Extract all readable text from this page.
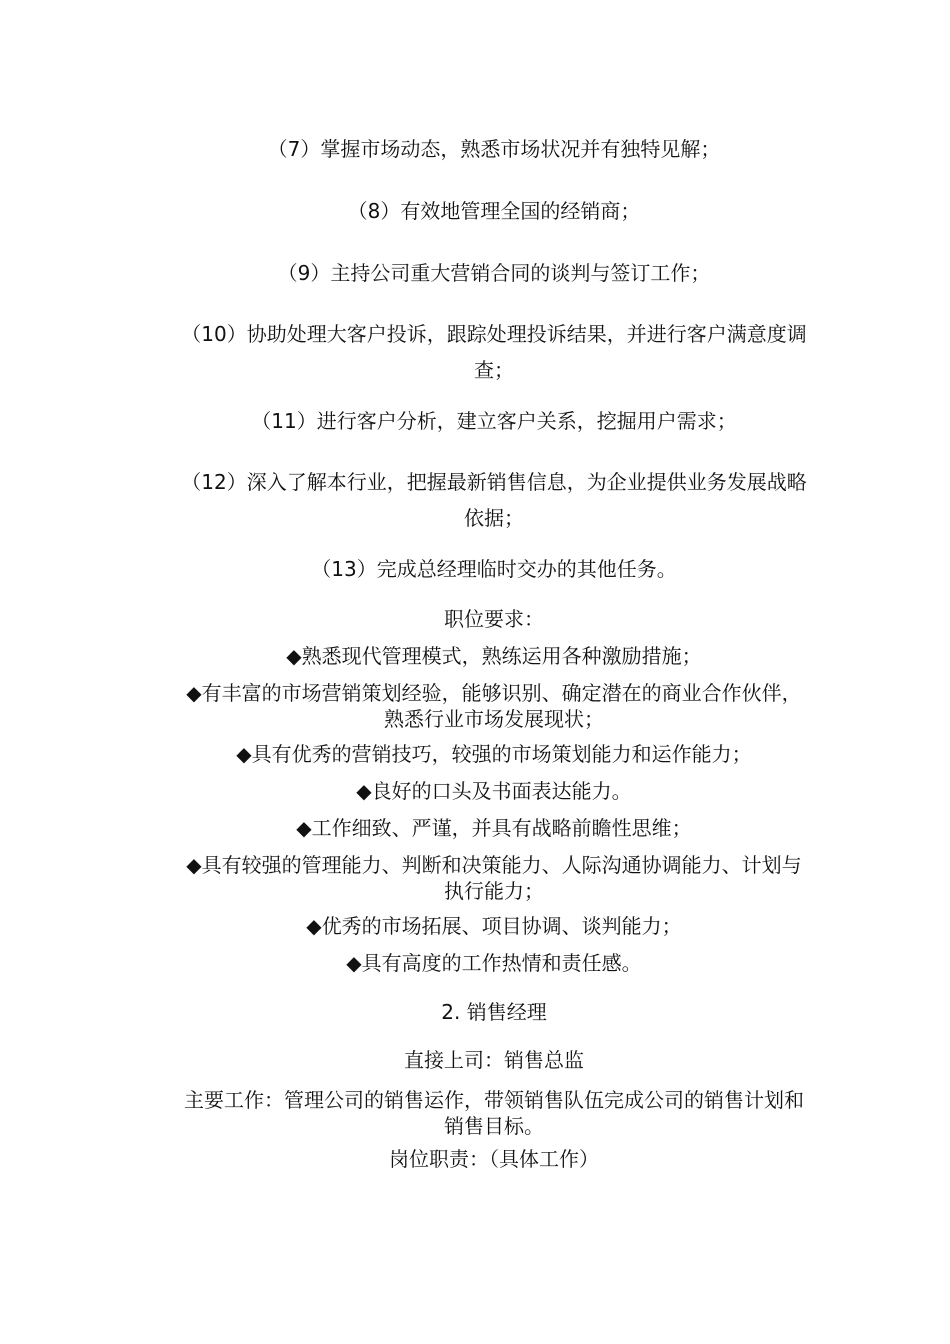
（7）掌握市场动态，熟悉市场状况并有独特见解；
（8）有效地管理全国的经销商；
（9）主持公司重大营销合同的谈判与签订工作；
（10）协助处理大客户投诉，跟踪处理投诉结果，并进行客户满意度调查；
（11）进行客户分析，建立客户关系，挖掘用户需求；
（12）深入了解本行业，把握最新销售信息，为企业提供业务发展战略依据；
（13）完成总经理临时交办的其他任务。
职位要求：
◆熟悉现代管理模式，熟练运用各种激励措施；
◆有丰富的市场营销策划经验，能够识别、确定潜在的商业合作伙伴，熟悉行业市场发展现状；
◆具有优秀的营销技巧，较强的市场策划能力和运作能力；
◆良好的口头及书面表达能力。
◆工作细致、严谨，并具有战略前瞻性思维；
◆具有较强的管理能力、判断和决策能力、人际沟通协调能力、计划与执行能力；
◆优秀的市场拓展、项目协调、谈判能力；
◆具有高度的工作热情和责任感。
2. 销售经理
直接上司：销售总监
主要工作：管理公司的销售运作，带领销售队伍完成公司的销售计划和销售目标。
岗位职责：（具体工作）
